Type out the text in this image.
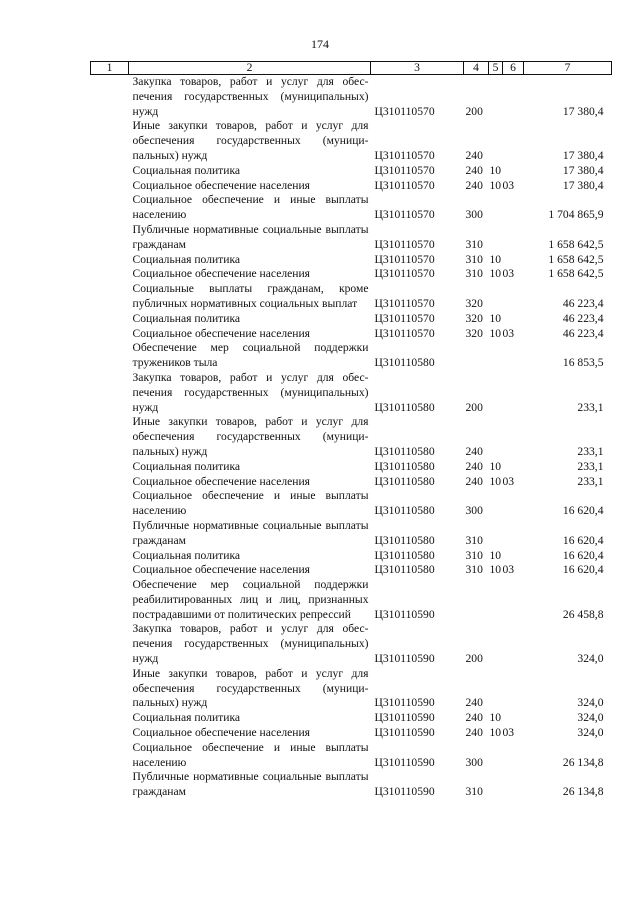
174
1	2	3	4	5	6	7
	Закупка товаров, работ и услуг для обеспечения государственных (муниципальных) нужд	Ц310110570	200			17 380,4
	Иные закупки товаров, работ и услуг для обеспечения государственных (муниципальных) нужд	Ц310110570	240			17 380,4
	Социальная политика	Ц310110570	240	10		17 380,4
	Социальное обеспечение населения	Ц310110570	240	10	03	17 380,4
	Социальное обеспечение и иные выплаты населению	Ц310110570	300			1 704 865,9
	Публичные нормативные социальные выплаты гражданам	Ц310110570	310			1 658 642,5
	Социальная политика	Ц310110570	310	10		1 658 642,5
	Социальное обеспечение населения	Ц310110570	310	10	03	1 658 642,5
	Социальные выплаты гражданам, кроме публичных нормативных социальных выплат	Ц310110570	320			46 223,4
	Социальная политика	Ц310110570	320	10		46 223,4
	Социальное обеспечение населения	Ц310110570	320	10	03	46 223,4
	Обеспечение мер социальной поддержки тружеников тыла	Ц310110580				16 853,5
	Закупка товаров, работ и услуг для обеспечения государственных (муниципальных) нужд	Ц310110580	200			233,1
	Иные закупки товаров, работ и услуг для обеспечения государственных (муниципальных) нужд	Ц310110580	240			233,1
	Социальная политика	Ц310110580	240	10		233,1
	Социальное обеспечение населения	Ц310110580	240	10	03	233,1
	Социальное обеспечение и иные выплаты населению	Ц310110580	300			16 620,4
	Публичные нормативные социальные выплаты гражданам	Ц310110580	310			16 620,4
	Социальная политика	Ц310110580	310	10		16 620,4
	Социальное обеспечение населения	Ц310110580	310	10	03	16 620,4
	Обеспечение мер социальной поддержки реабилитированных лиц и лиц, признанных пострадавшими от политических репрессий	Ц310110590				26 458,8
	Закупка товаров, работ и услуг для обеспечения государственных (муниципальных) нужд	Ц310110590	200			324,0
	Иные закупки товаров, работ и услуг для обеспечения государственных (муниципальных) нужд	Ц310110590	240			324,0
	Социальная политика	Ц310110590	240	10		324,0
	Социальное обеспечение населения	Ц310110590	240	10	03	324,0
	Социальное обеспечение и иные выплаты населению	Ц310110590	300			26 134,8
	Публичные нормативные социальные выплаты гражданам	Ц310110590	310			26 134,8
